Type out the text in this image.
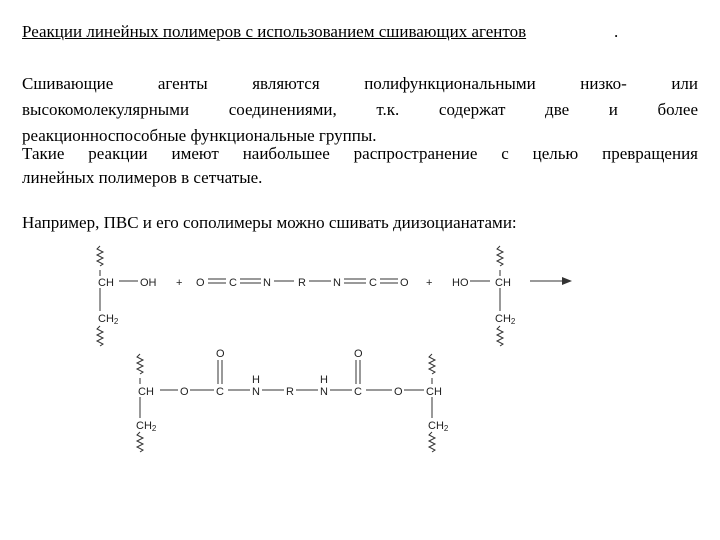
Реакции линейных полимеров с использованием сшивающих агентов	.
Сшивающие агенты являются полифункциональными низко- или
высокомолекулярными соединениями, т.к. содержат две и более
реакционноспособные функциональные группы.
Такие реакции имеют наибольшее распространение с целью превращения
линейных полимеров в сетчатые.
Например, ПВС и его сополимеры можно сшивать диизоцианатами:
CH OH + O C N R N	C O + HO CH
CH2	CH2
CH O C
O
H
N R
H
N C
O
O CH
CH2	CH2
